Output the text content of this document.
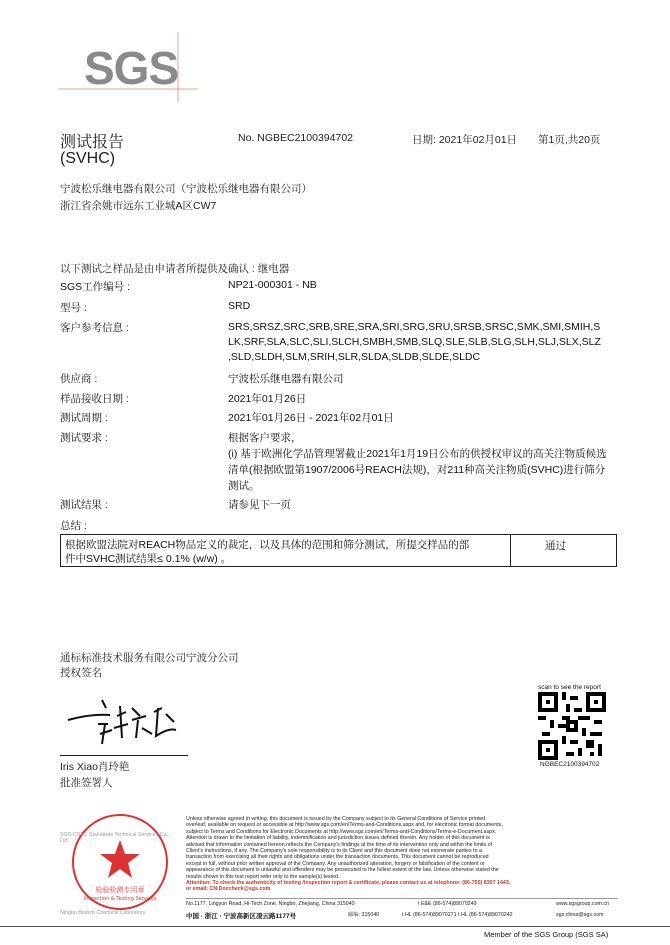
SGS
测试报告
(SVHC)
No. NGBEC2100394702	日期: 2021年02月01日 第1页,共20页
宁波松乐继电器有限公司（宁波松乐继电器有限公司）
浙江省余姚市远东工业城A区CW7
以下测试之样品是由申请者所提供及确认 : 继电器
SGS工作编号 :	NP21-000301 - NB
型号 :	SRD
客户参考信息 :	SRS,SRSZ,SRC,SRB,SRE,SRA,SRI,SRG,SRU,SRSB,SRSC,SMK,SMI,SMIH,S
LK,SRF,SLA,SLC,SLI,SLCH,SMBH,SMB,SLQ,SLE,SLB,SLG,SLH,SLJ,SLX,SLZ
,SLD,SLDH,SLM,SRIH,SLR,SLDA,SLDB,SLDE,SLDC
供应商 :	宁波松乐继电器有限公司
样品接收日期 :	2021年01月26日
测试周期 :	2021年01月26日 - 2021年02月01日
测试要求 :	根据客户要求，
(i) 基于欧洲化学品管理署截止2021年1月19日公布的供授权审议的高关注物质候选
清单(根据欧盟第1907/2006号REACH法规)，对211种高关注物质(SVHC)进行筛分
测试。
测试结果 :	请参见下一页
总结 :
根据欧盟法院对REACH物品定义的裁定，以及具体的范围和筛分测试，所提交样品的部
件中SVHC测试结果≤ 0.1% (w/w) 。
通过
通标标准技术服务有限公司宁波分公司
授权签名
Iris Xiao肖玲艳
批准签署人
scan to see the report
NGBEC2100394702
检验检测专用章
Inspection & Testing Services
SGS-CSTC Standards Technical Services Co., Ltd.
Ningbo Branch Chemical Laboratory
Unless otherwise agreed in writing, this document is issued by the Company subject to its General Conditions of Service printed
overleaf, available on request or accessible at http://www.sgs.com/en/Terms-and-Conditions.aspx and, for electronic format documents,
subject to Terms and Conditions for Electronic Documents at http://www.sgs.com/en/Terms-and-Conditions/Terms-e-Document.aspx.
Attention is drawn to the limitation of liability, indemnification and jurisdiction issues defined therein. Any holder of this document is
advised that information contained hereon reflects the Company's findings at the time of its intervention only and within the limits of
Client's instructions, if any. The Company's sole responsibility is to its Client and this document does not exonerate parties to a
transaction from exercising all their rights and obligations under the transaction documents. This document cannot be reproduced
except in full, without prior written approval of the Company. Any unauthorized alteration, forgery or falsification of the content or
appearance of this document is unlawful and offenders may be prosecuted to the fullest extent of the law. Unless otherwise stated the
results shown in this test report refer only to the sample(s) tested.
Attention: To check the authenticity of testing /inspection report & certificate, please contact us at telephone: (86-755) 8307 1443,
or email: CN.Doccheck@sgs.com
No.1177, Lingyun Road, Hi-Tech Zone, Ningbo, Zhejiang, China 315040	t E&E (86-574)89070249	www.sgsgroup.com.cn
中国 · 浙江 · 宁波高新区凌云路1177号	邮编: 315040	t HL (86-574)89070271 t HL (86-574)89070242	sgs.china@sgs.com
Member of the SGS Group (SGS SA)
